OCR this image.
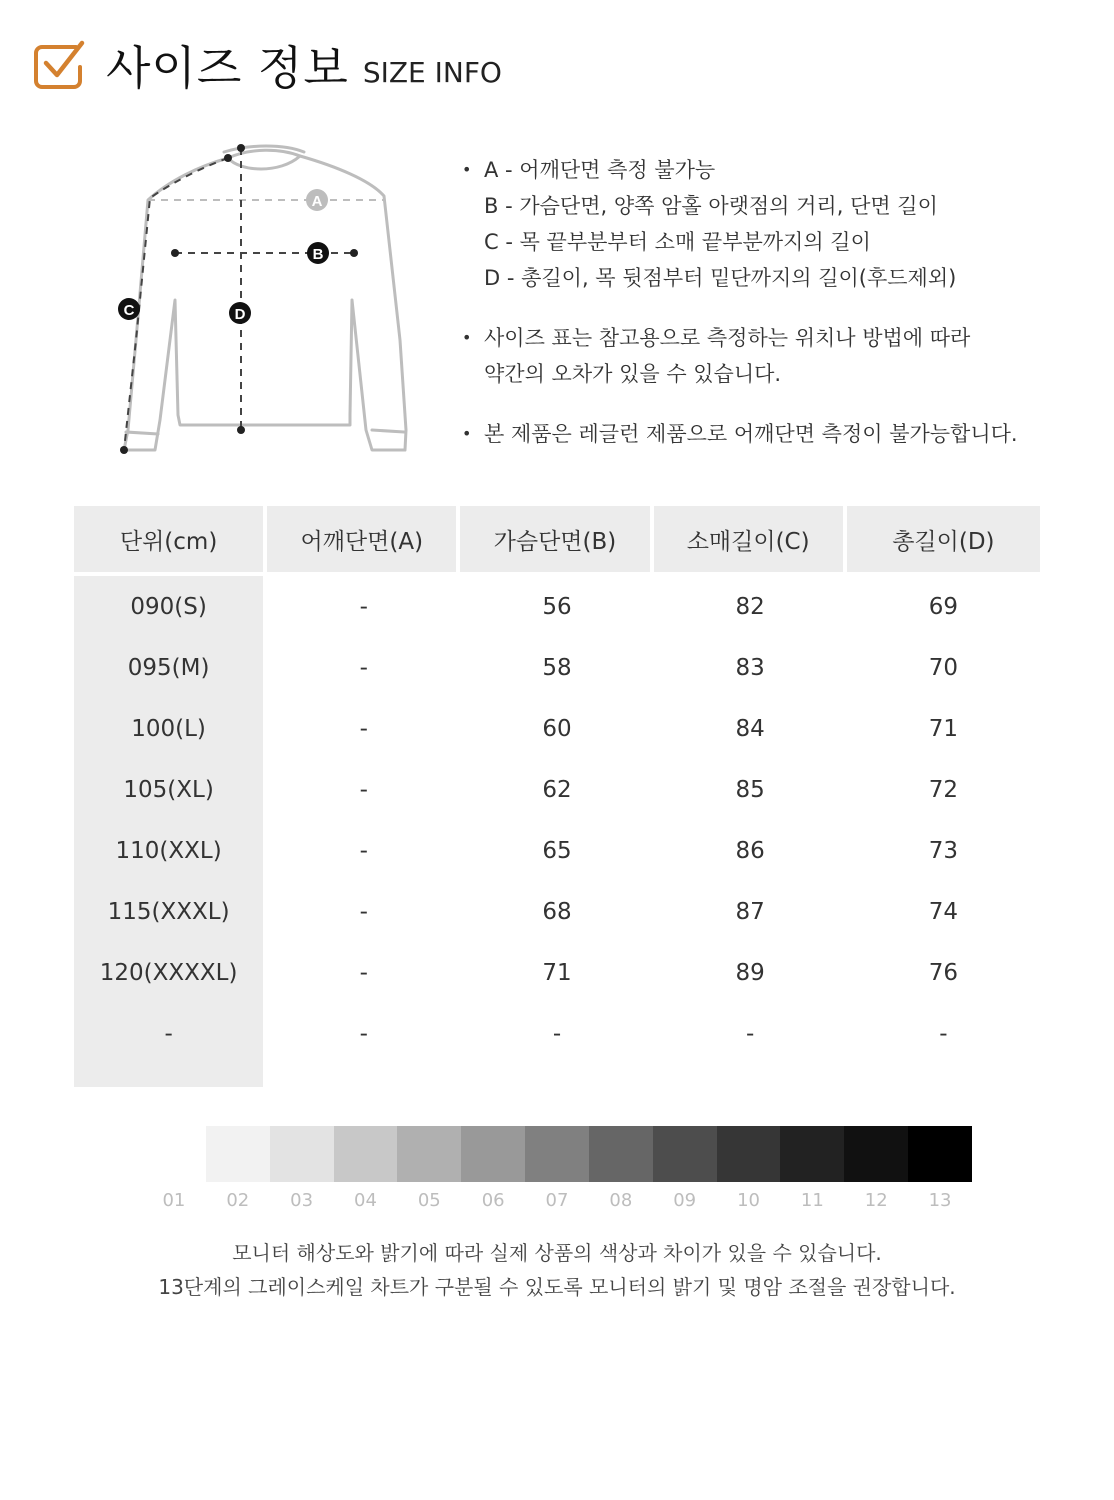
사이즈 정보 SIZE INFO
A
B
C	D
• A - 어깨단면 측정 불가능
B - 가슴단면, 양쪽 암홀 아랫점의 거리, 단면 길이
C - 목 끝부분부터 소매 끝부분까지의 길이
D - 총길이, 목 뒷점부터 밑단까지의 길이(후드제외)
• 사이즈 표는 참고용으로 측정하는 위치나 방법에 따라
약간의 오차가 있을 수 있습니다.
• 본 제품은 레글런 제품으로 어깨단면 측정이 불가능합니다.
단위(cm)	어깨단면(A)	가슴단면(B)	소매길이(C)	총길이(D)
090(S)	-	56	82	69
095(M)	-	58	83	70
100(L)	-	60	84	71
105(XL)	-	62	85	72
110(XXL)	-	65	86	73
115(XXXL)	-	68	87	74
120(XXXXL)	-	71	89	76
-	-	-	-	-
01	02	03	04	05	06	07	08	09	10	11	12	13
모니터 해상도와 밝기에 따라 실제 상품의 색상과 차이가 있을 수 있습니다.
13단계의 그레이스케일 차트가 구분될 수 있도록 모니터의 밝기 및 명암 조절을 권장합니다.
